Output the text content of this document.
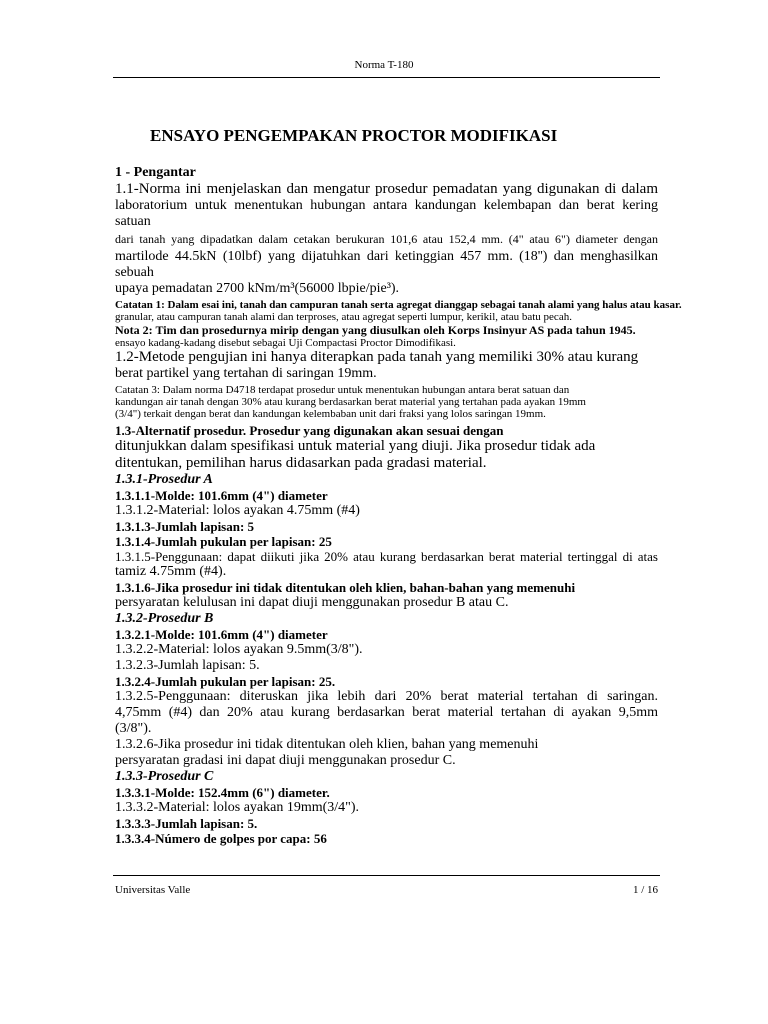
Norma T-180
ENSAYO PENGEMPAKAN PROCTOR MODIFIKASI

1 - Pengantar

1.1-Norma ini menjelaskan dan mengatur prosedur pemadatan yang digunakan di dalam

laboratorium untuk menentukan hubungan antara kandungan kelembapan dan berat kering satuan

dari tanah yang dipadatkan dalam cetakan berukuran 101,6 atau 152,4 mm. (4" atau 6") diameter dengan

martilode 44.5kN (10lbf) yang dijatuhkan dari ketinggian 457 mm. (18'') dan menghasilkan sebuah

upaya pemadatan 2700 kNm/m³(56000 lbpie/pie³).

Catatan 1: Dalam esai ini, tanah dan campuran tanah serta agregat dianggap sebagai tanah alami yang halus atau kasar.

granular, atau campuran tanah alami dan terproses, atau agregat seperti lumpur, kerikil, atau batu pecah.

Nota 2: Tim dan prosedurnya mirip dengan yang diusulkan oleh Korps Insinyur AS pada tahun 1945.

ensayo kadang-kadang disebut sebagai Uji Compactasi Proctor Dimodifikasi.

1.2-Metode pengujian ini hanya diterapkan pada tanah yang memiliki 30% atau kurang

berat partikel yang tertahan di saringan 19mm.

Catatan 3: Dalam norma D4718 terdapat prosedur untuk menentukan hubungan antara berat satuan dan

kandungan air tanah dengan 30% atau kurang berdasarkan berat material yang tertahan pada ayakan 19mm

(3/4") terkait dengan berat dan kandungan kelembaban unit dari fraksi yang lolos saringan 19mm.

1.3-Alternatif prosedur. Prosedur yang digunakan akan sesuai dengan

ditunjukkan dalam spesifikasi untuk material yang diuji. Jika prosedur tidak ada

ditentukan, pemilihan harus didasarkan pada gradasi material.

1.3.1-Prosedur A

1.3.1.1-Molde: 101.6mm (4") diameter

1.3.1.2-Material: lolos ayakan 4.75mm (#4)

1.3.1.3-Jumlah lapisan: 5

1.3.1.4-Jumlah pukulan per lapisan: 25

1.3.1.5-Penggunaan: dapat diikuti jika 20% atau kurang berdasarkan berat material tertinggal di atas

tamiz 4.75mm (#4).

1.3.1.6-Jika prosedur ini tidak ditentukan oleh klien, bahan-bahan yang memenuhi

persyaratan kelulusan ini dapat diuji menggunakan prosedur B atau C.

1.3.2-Prosedur B

1.3.2.1-Molde: 101.6mm (4") diameter

1.3.2.2-Material: lolos ayakan 9.5mm(3/8").

1.3.2.3-Jumlah lapisan: 5.

1.3.2.4-Jumlah pukulan per lapisan: 25.

1.3.2.5-Penggunaan: diteruskan jika lebih dari 20% berat material tertahan di saringan.

4,75mm (#4) dan 20% atau kurang berdasarkan berat material tertahan di ayakan 9,5mm

(3/8").

1.3.2.6-Jika prosedur ini tidak ditentukan oleh klien, bahan yang memenuhi

persyaratan gradasi ini dapat diuji menggunakan prosedur C.

1.3.3-Prosedur C

1.3.3.1-Molde: 152.4mm (6") diameter.

1.3.3.2-Material: lolos ayakan 19mm(3/4").

1.3.3.3-Jumlah lapisan: 5.

1.3.3.4-Número de golpes por capa: 56

Universitas Valle	1 / 16
